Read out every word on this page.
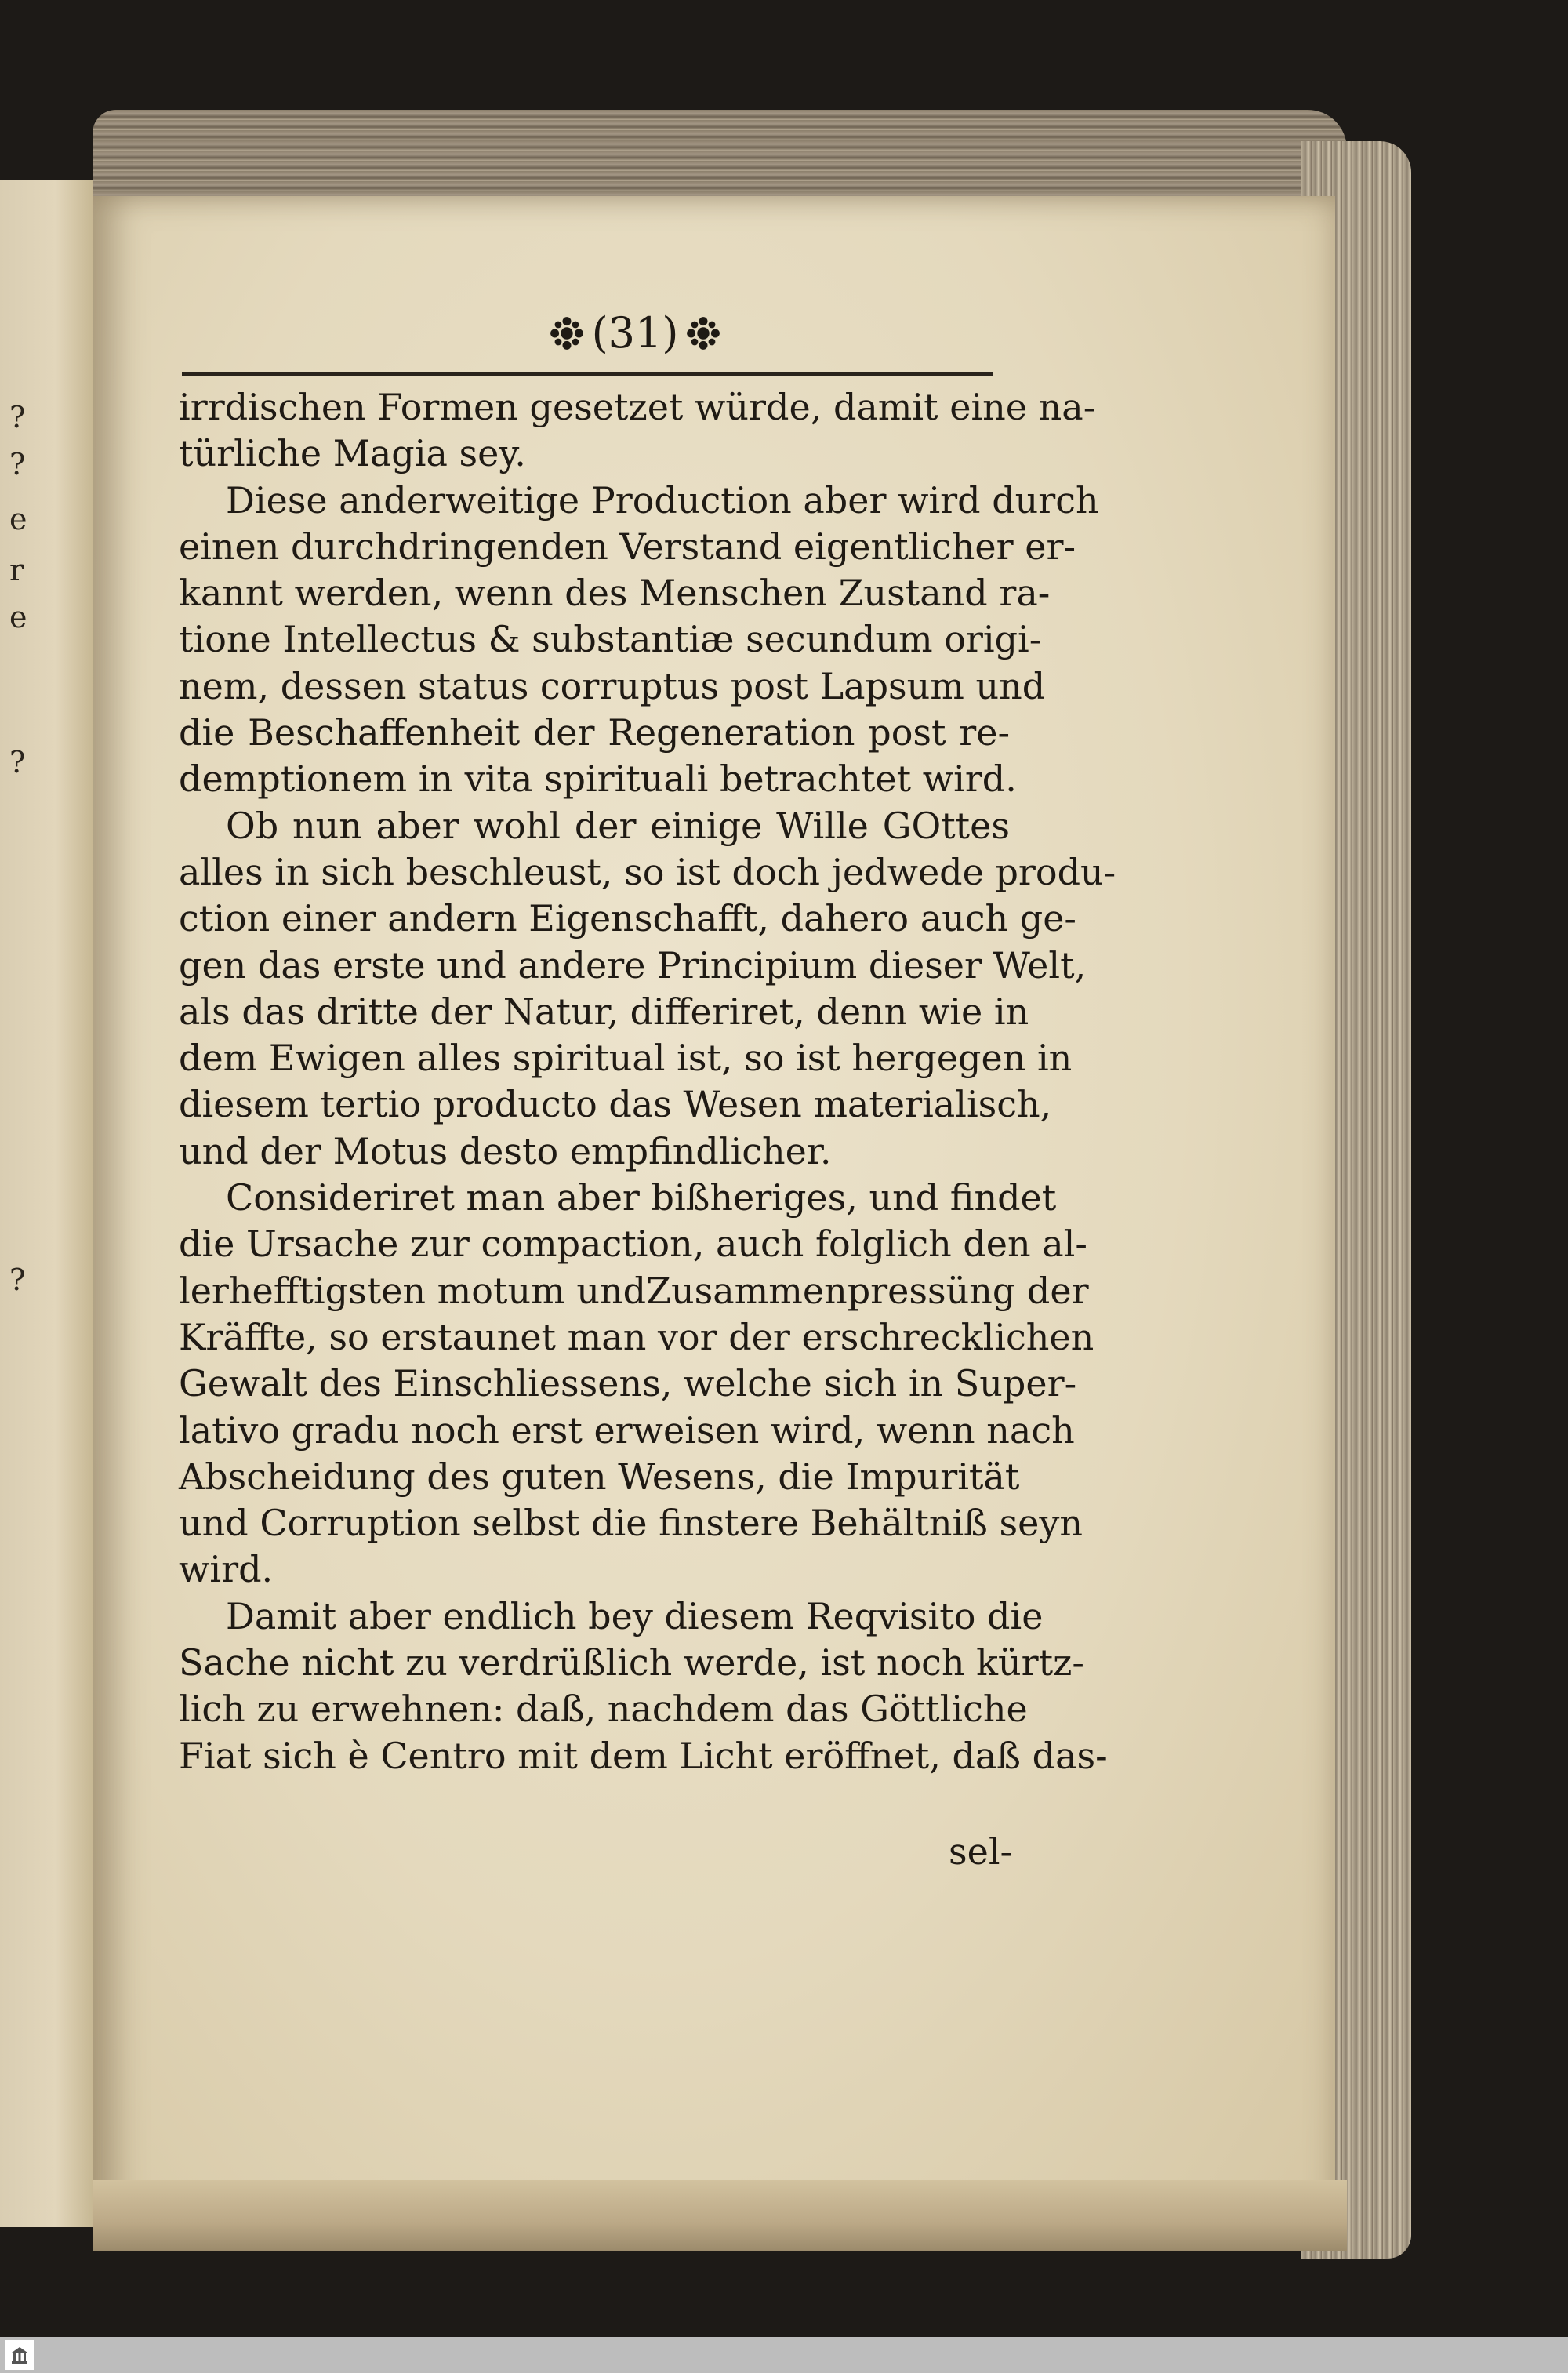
?
?
e
r
e
?
?
(31)
irrdischen Formen gesetzet würde, damit eine na-
türliche Magia sey.
Diese anderweitige Production aber wird durch
einen durchdringenden Verstand eigentlicher er-
kannt werden, wenn des Menschen Zustand ra-
tione Intellectus & substantiæ secundum origi-
nem, dessen status corruptus post Lapsum und
die Beschaffenheit der Regeneration post re-
demptionem in vita spirituali betrachtet wird.
Ob nun aber wohl der einige Wille GOttes
alles in sich beschleust, so ist doch jedwede produ-
ction einer andern Eigenschafft, dahero auch ge-
gen das erste und andere Principium dieser Welt,
als das dritte der Natur, differiret, denn wie in
dem Ewigen alles spiritual ist, so ist hergegen in
diesem tertio producto das Wesen materialisch,
und der Motus desto empfindlicher.
Consideriret man aber bißheriges, und findet
die Ursache zur compaction, auch folglich den al-
lerhefftigsten motum undZusammenpressüng der
Kräffte, so erstaunet man vor der erschrecklichen
Gewalt des Einschliessens, welche sich in Super-
lativo gradu noch erst erweisen wird, wenn nach
Abscheidung des guten Wesens, die Impurität
und Corruption selbst die finstere Behältniß seyn
wird.
Damit aber endlich bey diesem Reqvisito die
Sache nicht zu verdrüßlich werde, ist noch kürtz-
lich zu erwehnen: daß, nachdem das Göttliche
Fiat sich è Centro mit dem Licht eröffnet, daß das-
sel-
